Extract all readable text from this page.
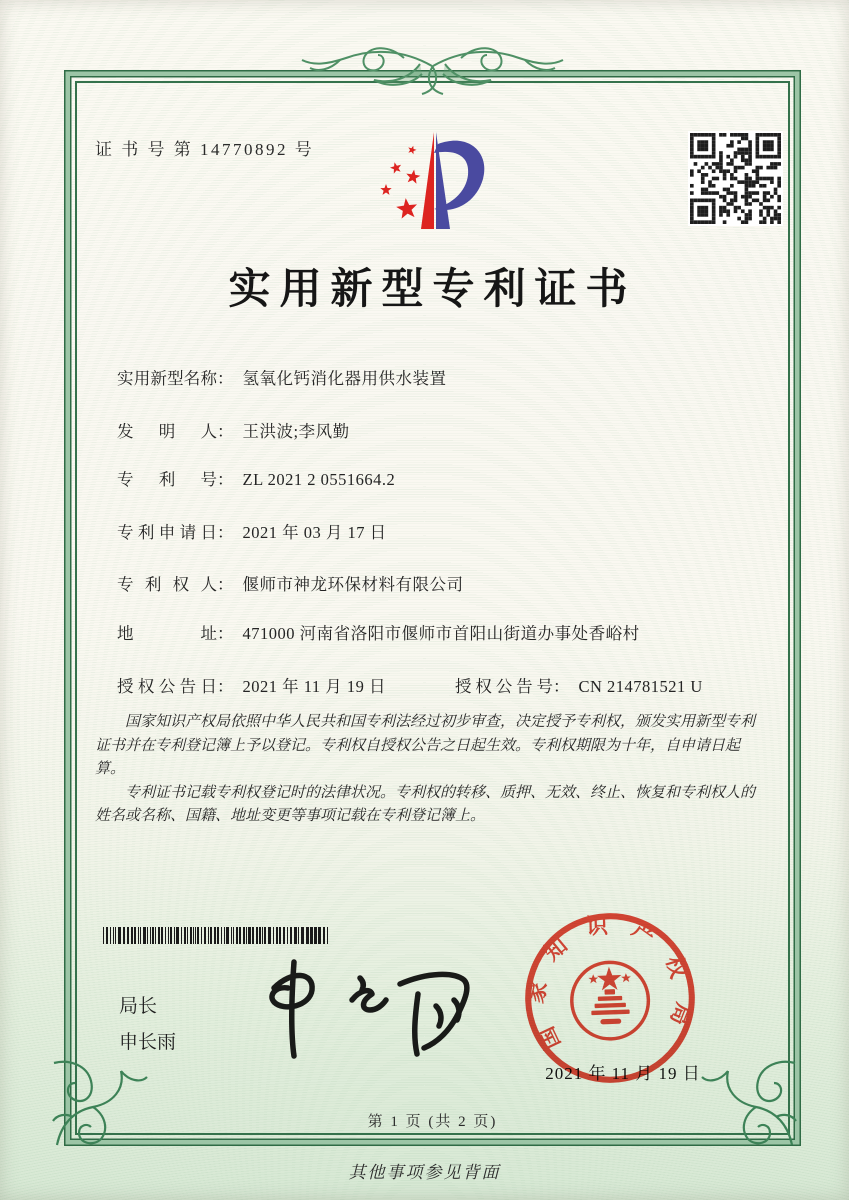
证 书 号 第 14770892 号
实用新型专利证书
实用新型名称： 氢氧化钙消化器用供水装置
发明人： 王洪波;李风勤
专利号： ZL 2021 2 0551664.2
专利申请日： 2021 年 03 月 17 日
专利权人： 偃师市神龙环保材料有限公司
地址： 471000 河南省洛阳市偃师市首阳山街道办事处香峪村
授权公告日： 2021 年 11 月 19 日	授权公告号： CN 214781521 U

国家知识产权局依照中华人民共和国专利法经过初步审查，决定授予专利权，颁发实用新型专利证书并在专利登记簿上予以登记。专利权自授权公告之日起生效。专利权期限为十年，自申请日起算。

专利证书记载专利权登记时的法律状况。专利权的转移、质押、无效、终止、恢复和专利权人的姓名或名称、国籍、地址变更等事项记载在专利登记簿上。

局长
申长雨	国家知识产权局
2021 年 11 月 19 日
第 1 页 (共 2 页)
其他事项参见背面
